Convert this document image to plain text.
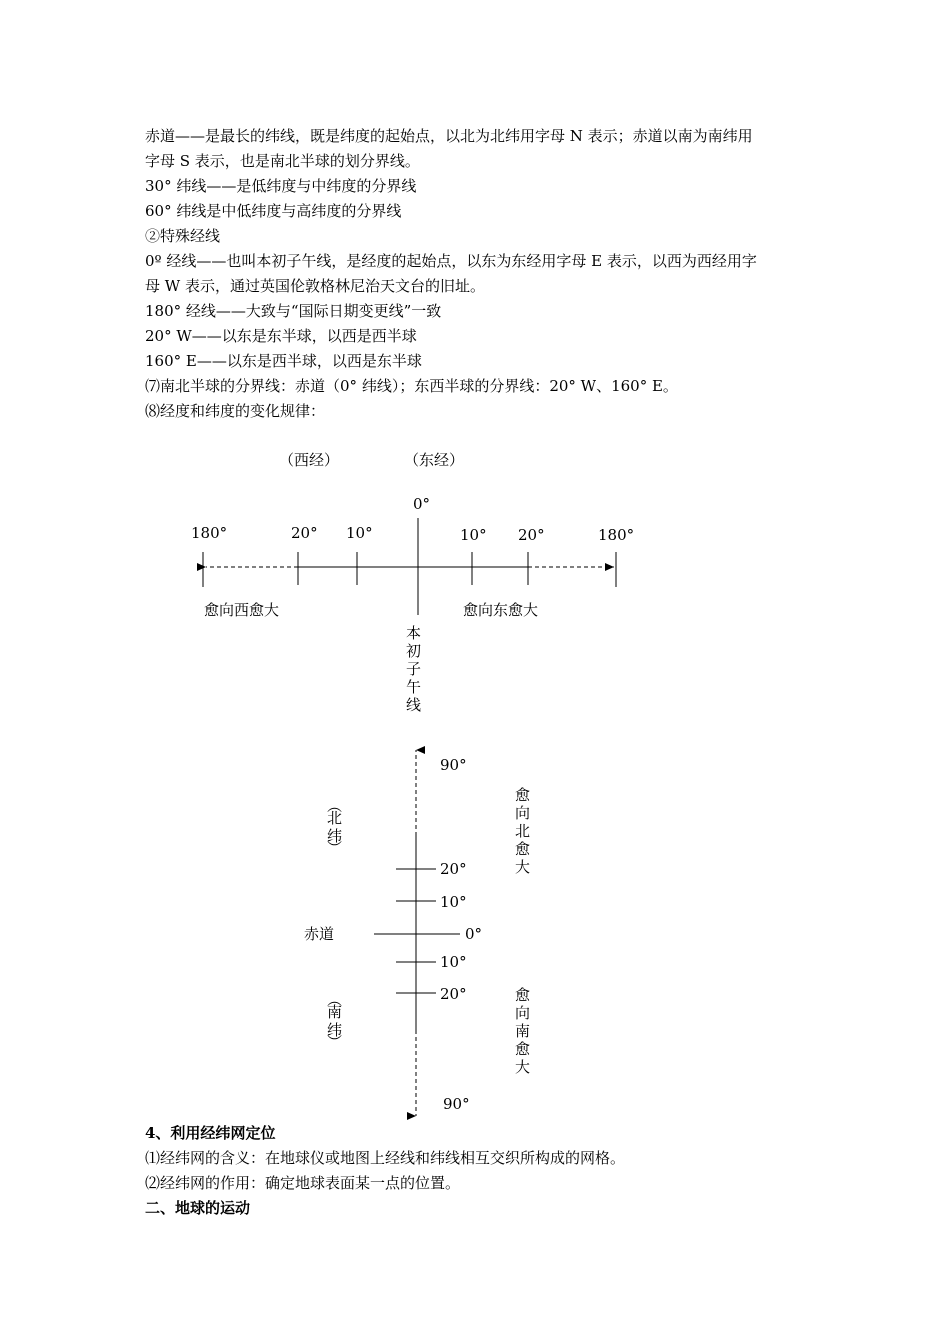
赤道——是最长的纬线，既是纬度的起始点，以北为北纬用字母 N 表示；赤道以南为南纬用
字母 S 表示，也是南北半球的划分界线。
30° 纬线——是低纬度与中纬度的分界线
60° 纬线是中低纬度与高纬度的分界线
②特殊经线
0º 经线——也叫本初子午线，是经度的起始点，以东为东经用字母 E 表示，以西为西经用字
母 W 表示，通过英国伦敦格林尼治天文台的旧址。
180° 经线——大致与“国际日期变更线”一致
20° W——以东是东半球，以西是西半球
160° E——以东是西半球，以西是东半球
⑺南北半球的分界线：赤道（0° 纬线）；东西半球的分界线：20° W、160° E。
⑻经度和纬度的变化规律：
（西经）	（东经）
0°
180°	20° 10°	10° 20°	180°
愈向西愈大	愈向东愈大
本
初
子
午
线
90°
（
北
纬
）
愈
向
北
愈
大
20°
10°
赤道	0°
10°
20°
（
南
纬
）
愈
向
南
愈
大
90°
4、利用经纬网定位
⑴经纬网的含义：在地球仪或地图上经线和纬线相互交织所构成的网格。
⑵经纬网的作用：确定地球表面某一点的位置。
二、地球的运动
